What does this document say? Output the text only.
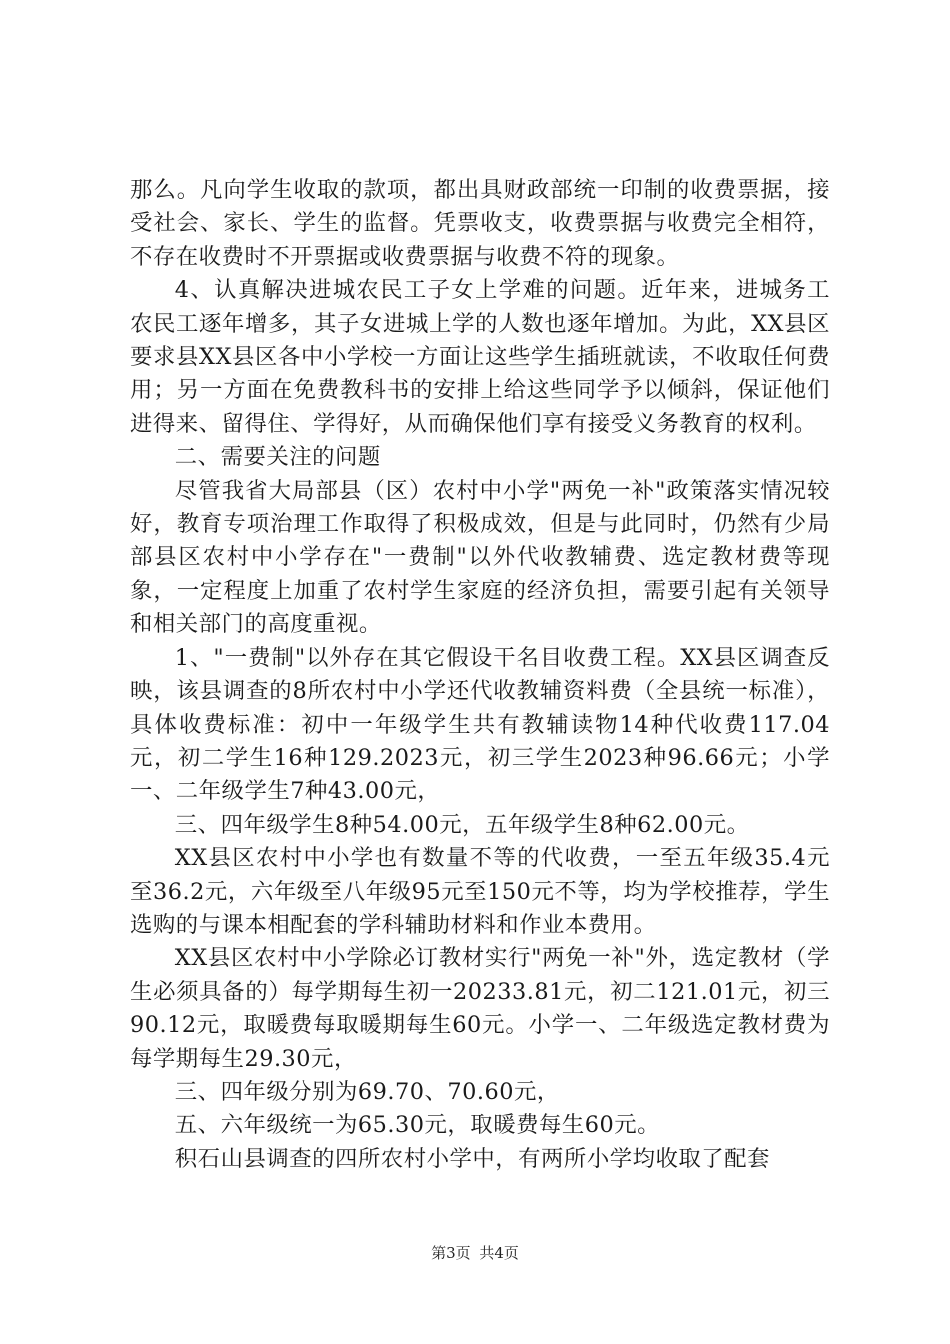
那么。凡向学生收取的款项，都出具财政部统一印制的收费票据，接受社会、家长、学生的监督。凭票收支，收费票据与收费完全相符，不存在收费时不开票据或收费票据与收费不符的现象。

4、认真解决进城农民工子女上学难的问题。近年来，进城务工农民工逐年增多，其子女进城上学的人数也逐年增加。为此，XX县区要求县XX县区各中小学校一方面让这些学生插班就读，不收取任何费用；另一方面在免费教科书的安排上给这些同学予以倾斜，保证他们进得来、留得住、学得好，从而确保他们享有接受义务教育的权利。

二、需要关注的问题

尽管我省大局部县（区）农村中小学"两免一补"政策落实情况较好，教育专项治理工作取得了积极成效，但是与此同时，仍然有少局部县区农村中小学存在"一费制"以外代收教辅费、选定教材费等现象，一定程度上加重了农村学生家庭的经济负担，需要引起有关领导和相关部门的高度重视。

1、"一费制"以外存在其它假设干名目收费工程。XX县区调查反映，该县调查的8所农村中小学还代收教辅资料费（全县统一标准），具体收费标准：初中一年级学生共有教辅读物14种代收费117.04元，初二学生16种129.2023元，初三学生2023种96.66元；小学一、二年级学生7种43.00元，

三、四年级学生8种54.00元，五年级学生8种62.00元。

XX县区农村中小学也有数量不等的代收费，一至五年级35.4元至36.2元，六年级至八年级95元至150元不等，均为学校推荐，学生选购的与课本相配套的学科辅助材料和作业本费用。

XX县区农村中小学除必订教材实行"两免一补"外，选定教材（学生必须具备的）每学期每生初一20233.81元，初二121.01元，初三90.12元，取暖费每取暖期每生60元。小学一、二年级选定教材费为每学期每生29.30元，

三、四年级分别为69.70、70.60元，

五、六年级统一为65.30元，取暖费每生60元。

积石山县调查的四所农村小学中，有两所小学均收取了配套

第3页 共4页
